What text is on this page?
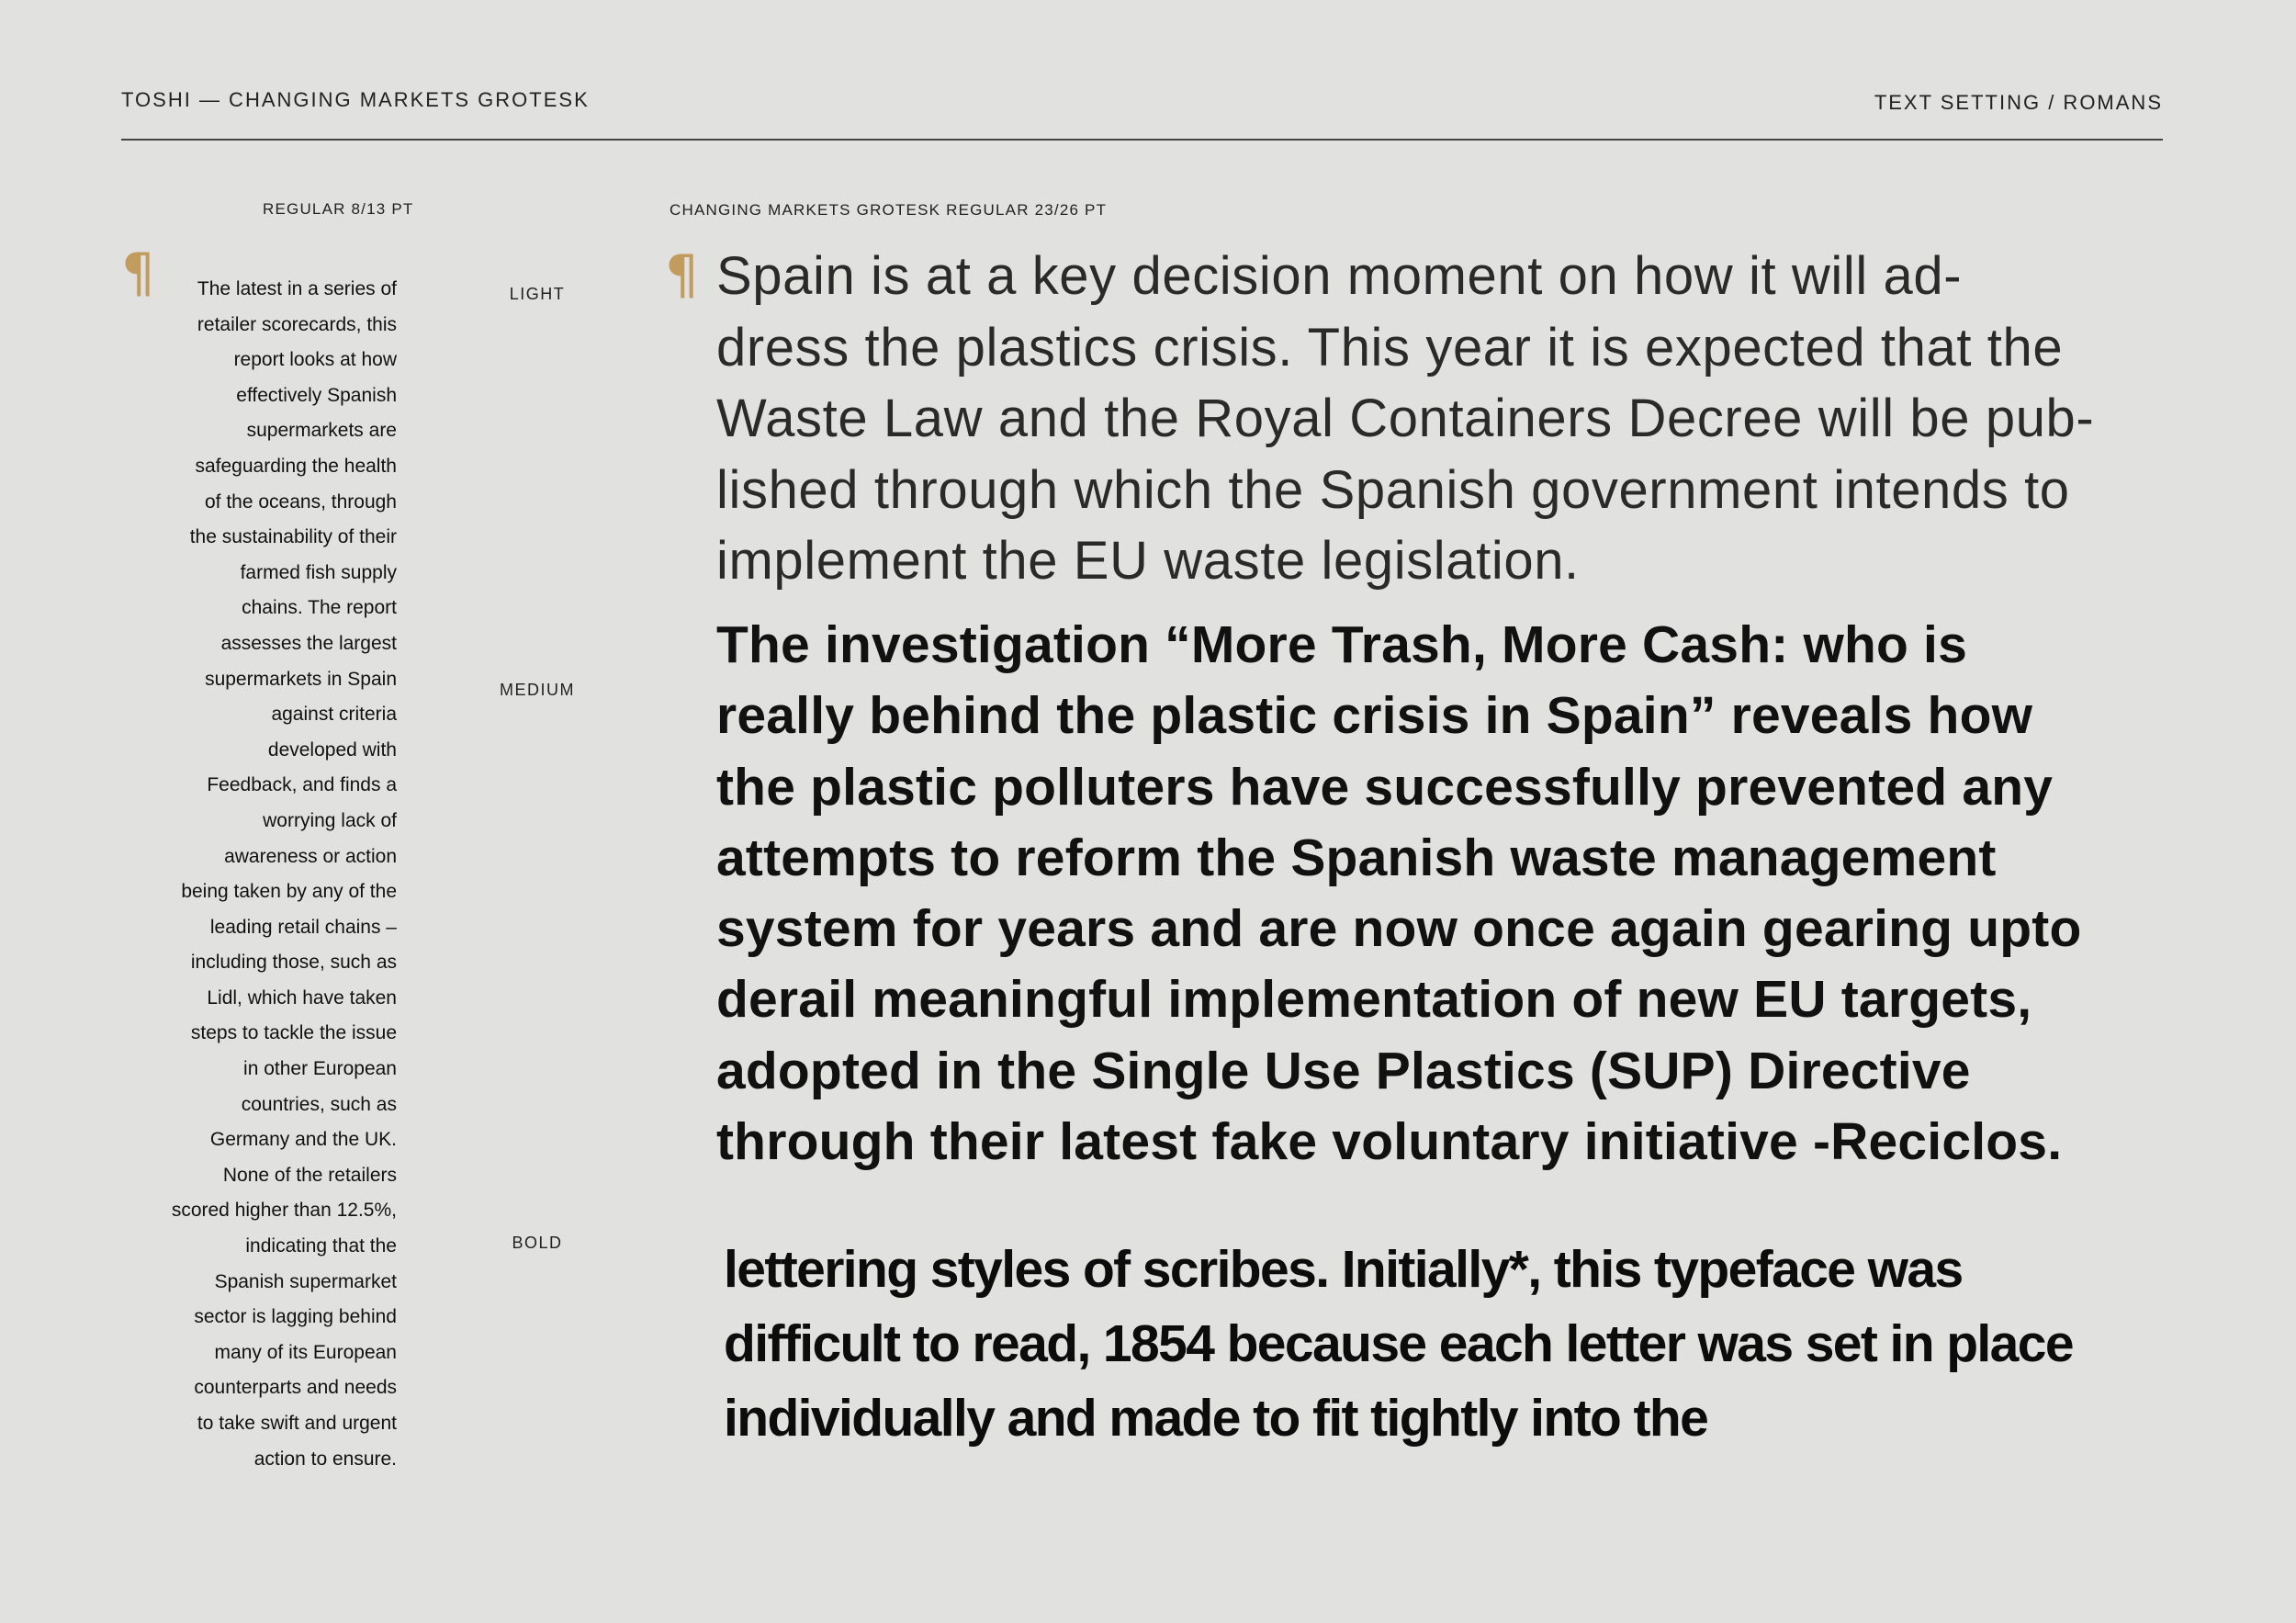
TOSHI — CHANGING MARKETS GROTESK	TEXT SETTING / ROMANS
REGULAR 8/13 PT
¶	The latest in a series of
retailer scorecards, this
report looks at how
effectively Spanish
supermarkets are
safeguarding the health
of the oceans, through
the sustainability of their
farmed fish supply
chains. The report
assesses the largest
supermarkets in Spain
against criteria
developed with
Feedback, and finds a
worrying lack of
awareness or action
being taken by any of the
leading retail chains –
including those, such as
Lidl, which have taken
steps to tackle the issue
in other European
countries, such as
Germany and the UK.
None of the retailers
scored higher than 12.5%,
indicating that the
Spanish supermarket
sector is lagging behind
many of its European
counterparts and needs
to take swift and urgent
action to ensure.
LIGHT
MEDIUM
BOLD
CHANGING MARKETS GROTESK REGULAR 23/26 PT
¶ Spain is at a key decision moment on how it will ad-
dress the plastics crisis. This year it is expected that the
Waste Law and the Royal Containers Decree will be pub-
lished through which the Spanish government intends to
implement the EU waste legislation.
The investigation “More Trash, More Cash: who is
really behind the plastic crisis in Spain” reveals how
the plastic polluters have successfully prevented any
attempts to reform the Spanish waste management
system for years and are now once again gearing upto
derail meaningful implementation of new EU targets,
adopted in the Single Use Plastics (SUP) Directive
through their latest fake voluntary initiative -Reciclos.
lettering styles of scribes. Initially*, this typeface was
difficult to read, 1854 because each letter was set in place
individually and made to fit tightly into the
